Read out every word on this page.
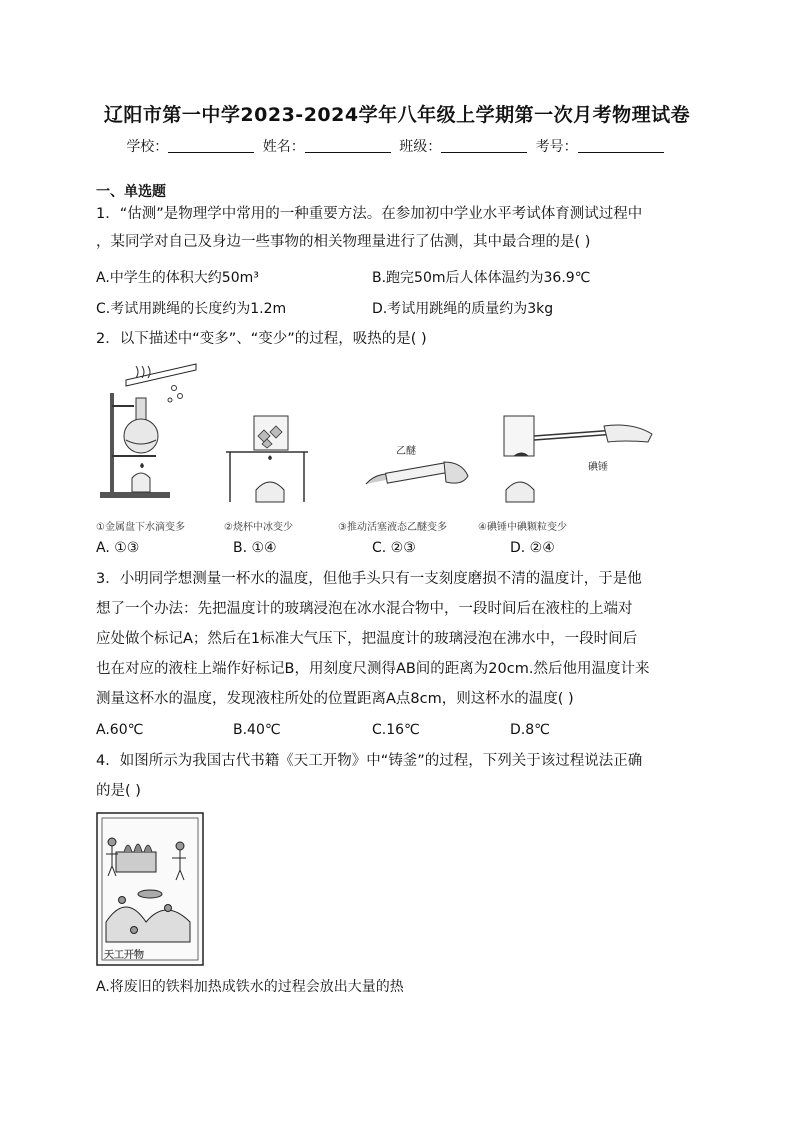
辽阳市第一中学2023-2024学年八年级上学期第一次月考物理试卷
学校：	姓名：	班级：	考号：
一、单选题
1．“估测”是物理学中常用的一种重要方法。在参加初中学业水平考试体育测试过程中
，某同学对自己及身边一些事物的相关物理量进行了估测，其中最合理的是( )
A.中学生的体积大约50m³	B.跑完50m后人体体温约为36.9℃
C.考试用跳绳的长度约为1.2m	D.考试用跳绳的质量约为3kg
2．以下描述中“变多”、“变少”的过程，吸热的是( )
乙醚
碘锤
①金属盘下水滴变多	②烧杯中冰变少	③推动活塞液态乙醚变多	④碘锤中碘颗粒变少
A. ①③	B. ①④	C. ②③	D. ②④
3．小明同学想测量一杯水的温度，但他手头只有一支刻度磨损不清的温度计，于是他
想了一个办法：先把温度计的玻璃浸泡在冰水混合物中，一段时间后在液柱的上端对
应处做个标记A；然后在1标准大气压下，把温度计的玻璃浸泡在沸水中，一段时间后
也在对应的液柱上端作好标记B，用刻度尺测得AB间的距离为20cm.然后他用温度计来
测量这杯水的温度，发现液柱所处的位置距离A点8cm，则这杯水的温度( )
A.60℃	B.40℃	C.16℃	D.8℃
4．如图所示为我国古代书籍《天工开物》中“铸釜”的过程，下列关于该过程说法正确
的是( )
天工开物
A.将废旧的铁料加热成铁水的过程会放出大量的热
